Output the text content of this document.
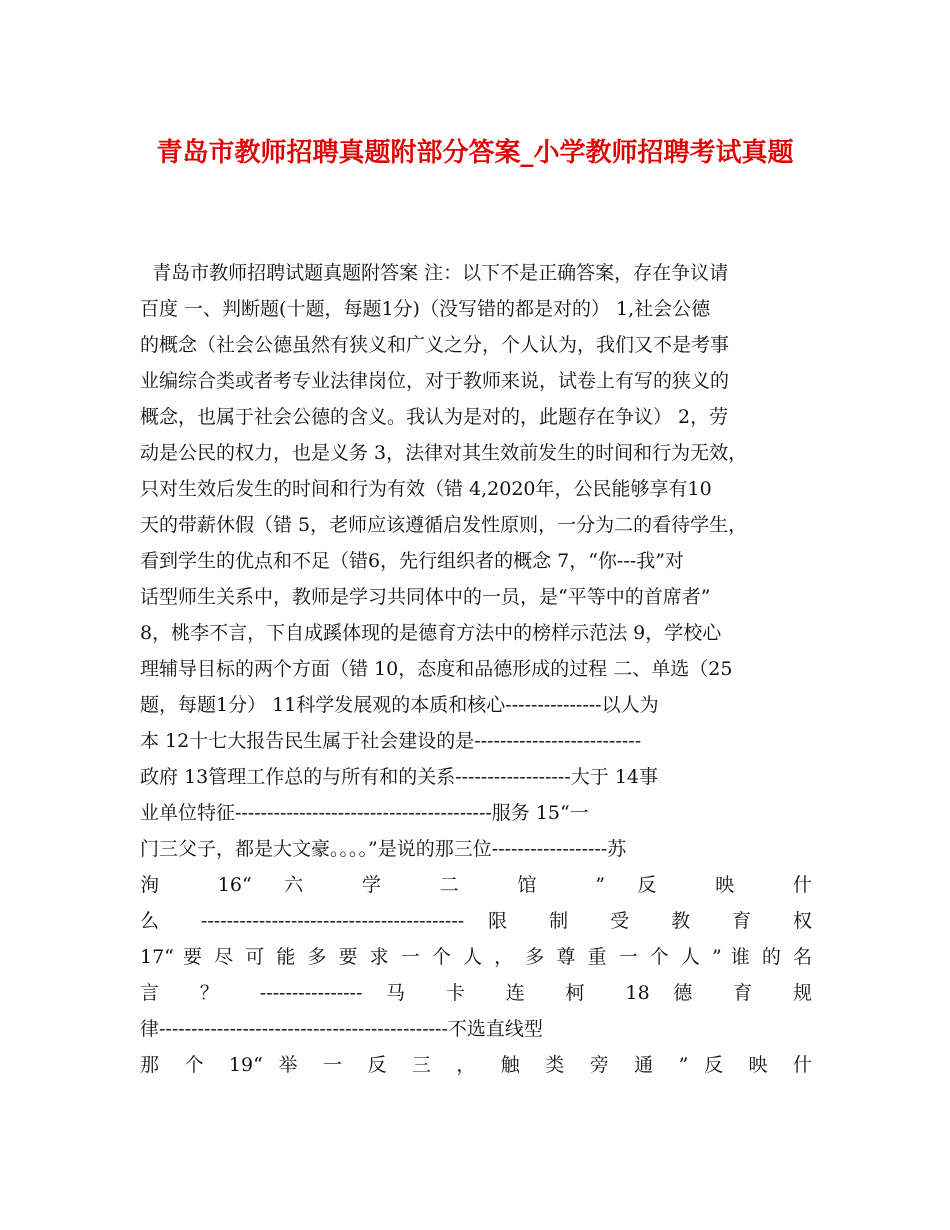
青岛市教师招聘真题附部分答案_小学教师招聘考试真题
青岛市教师招聘试题真题附答案 注：以下不是正确答案，存在争议请
百度 一、判断题(十题，每题1分)（没写错的都是对的） 1,社会公德
的概念（社会公德虽然有狭义和广义之分，个人认为，我们又不是考事
业编综合类或者考专业法律岗位，对于教师来说，试卷上有写的狭义的
概念，也属于社会公德的含义。我认为是对的，此题存在争议） 2，劳
动是公民的权力，也是义务 3，法律对其生效前发生的时间和行为无效，
只对生效后发生的时间和行为有效（错 4,2020年，公民能够享有10
天的带薪休假（错 5，老师应该遵循启发性原则，一分为二的看待学生，
看到学生的优点和不足（错6，先行组织者的概念 7，“你---我”对
话型师生关系中，教师是学习共同体中的一员，是“平等中的首席者”
8，桃李不言，下自成蹊体现的是德育方法中的榜样示范法 9，学校心
理辅导目标的两个方面（错 10，态度和品德形成的过程 二、单选（25
题，每题1分） 11科学发展观的本质和核心---------------以人为
本 12十七大报告民生属于社会建设的是--------------------------
政府 13管理工作总的与所有和的关系------------------大于 14事
业单位特征----------------------------------------服务 15“一
门三父子，都是大文豪。。。。”是说的那三位------------------苏
洵 16“ 六 学 二 馆 ” 反 映 什
么 ----------------------------------------- 限 制 受 教 育 权
17“ 要 尽 可 能 多 要 求 一 个 人 ， 多 尊 重 一 个 人 ” 谁 的 名
言 ？ ---------------- 马 卡 连 柯 18 德 育 规
律---------------------------------------------不选直线型
那 个 19“ 举 一 反 三 ， 触 类 旁 通 ” 反 映 什
